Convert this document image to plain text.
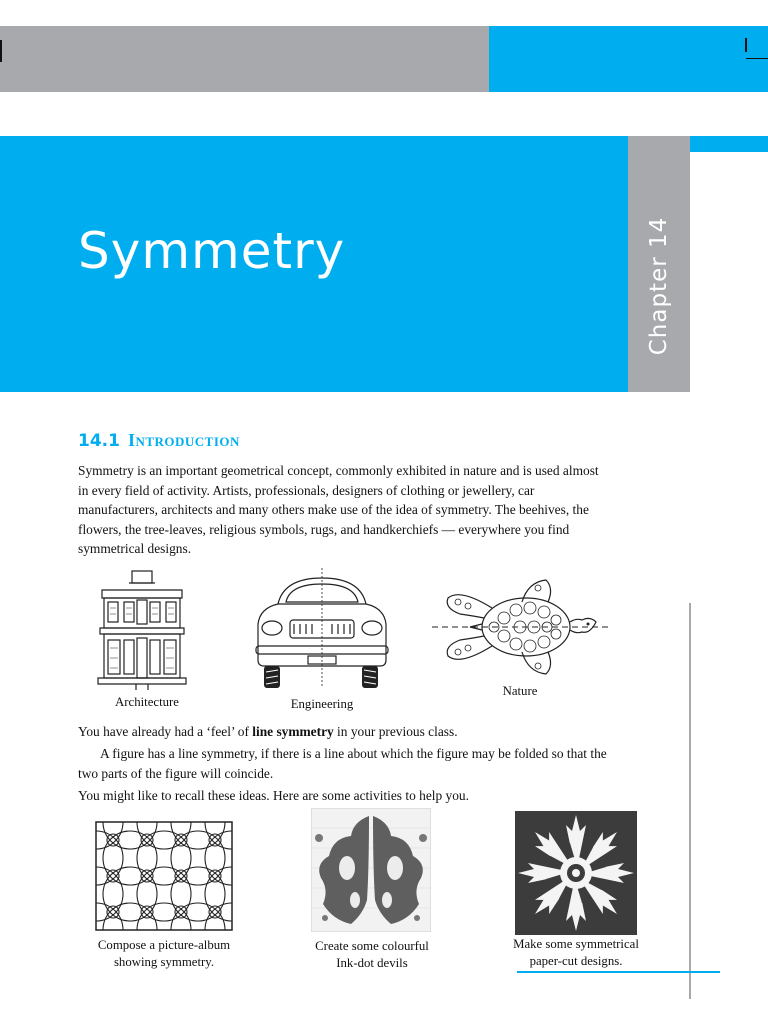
Symmetry	Chapter 14
14.1 Introduction

Symmetry is an important geometrical concept, commonly exhibited in nature and is used almost in every field of activity. Artists, professionals, designers of clothing or jewellery, car manufacturers, architects and many others make use of the idea of symmetry. The beehives, the flowers, the tree-leaves, religious symbols, rugs, and handkerchiefs — everywhere you find symmetrical designs.

Architecture	Engineering
Nature

You have already had a ‘feel’ of line symmetry in your previous class.

A figure has a line symmetry, if there is a line about which the figure may be folded so that the two parts of the figure will coincide.

You might like to recall these ideas. Here are some activities to help you.

Compose a picture-album
showing symmetry.
Create some colourful
Ink-dot devils
Make some symmetrical
paper-cut designs.
